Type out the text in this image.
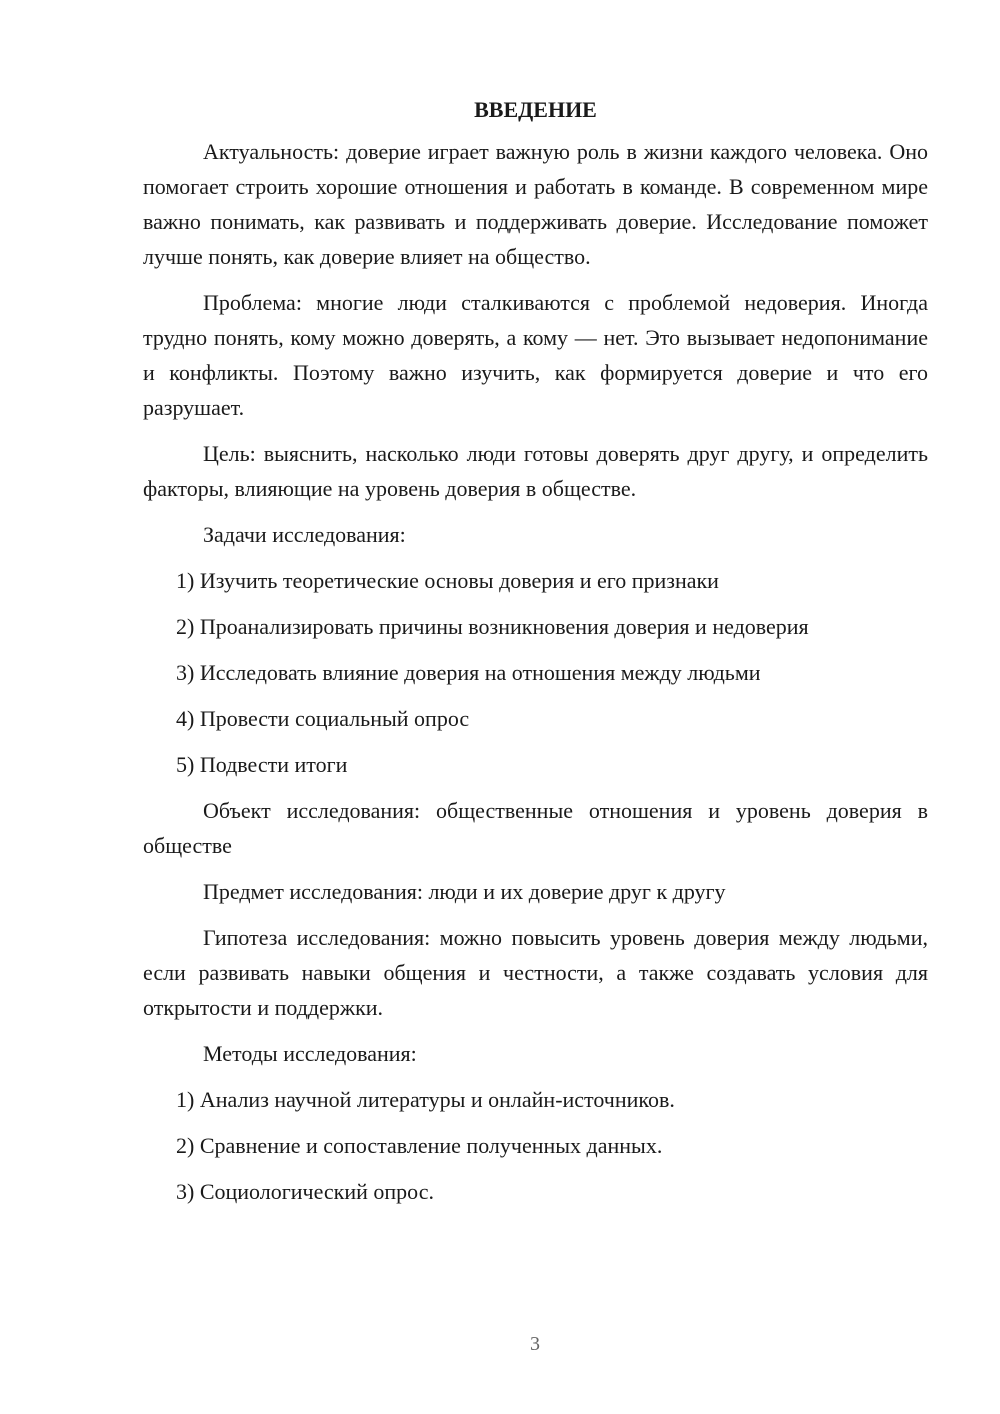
ВВЕДЕНИЕ

Актуальность: доверие играет важную роль в жизни каждого человека. Оно помогает строить хорошие отношения и работать в команде. В современном мире важно понимать, как развивать и поддерживать доверие. Исследование поможет лучше понять, как доверие влияет на общество.

Проблема: многие люди сталкиваются с проблемой недоверия. Иногда трудно понять, кому можно доверять, а кому — нет. Это вызывает недопонимание и конфликты. Поэтому важно изучить, как формируется доверие и что его разрушает.

Цель: выяснить, насколько люди готовы доверять друг другу, и определить факторы, влияющие на уровень доверия в обществе.

Задачи исследования:

1) Изучить теоретические основы доверия и его признаки
2) Проанализировать причины возникновения доверия и недоверия
3) Исследовать влияние доверия на отношения между людьми
4) Провести социальный опрос
5) Подвести итоги

Объект исследования: общественные отношения и уровень доверия в обществе

Предмет исследования: люди и их доверие друг к другу

Гипотеза исследования: можно повысить уровень доверия между людьми, если развивать навыки общения и честности, а также создавать условия для открытости и поддержки.

Методы исследования:

1) Анализ научной литературы и онлайн-источников.
2) Сравнение и сопоставление полученных данных.
3) Социологический опрос.
3
